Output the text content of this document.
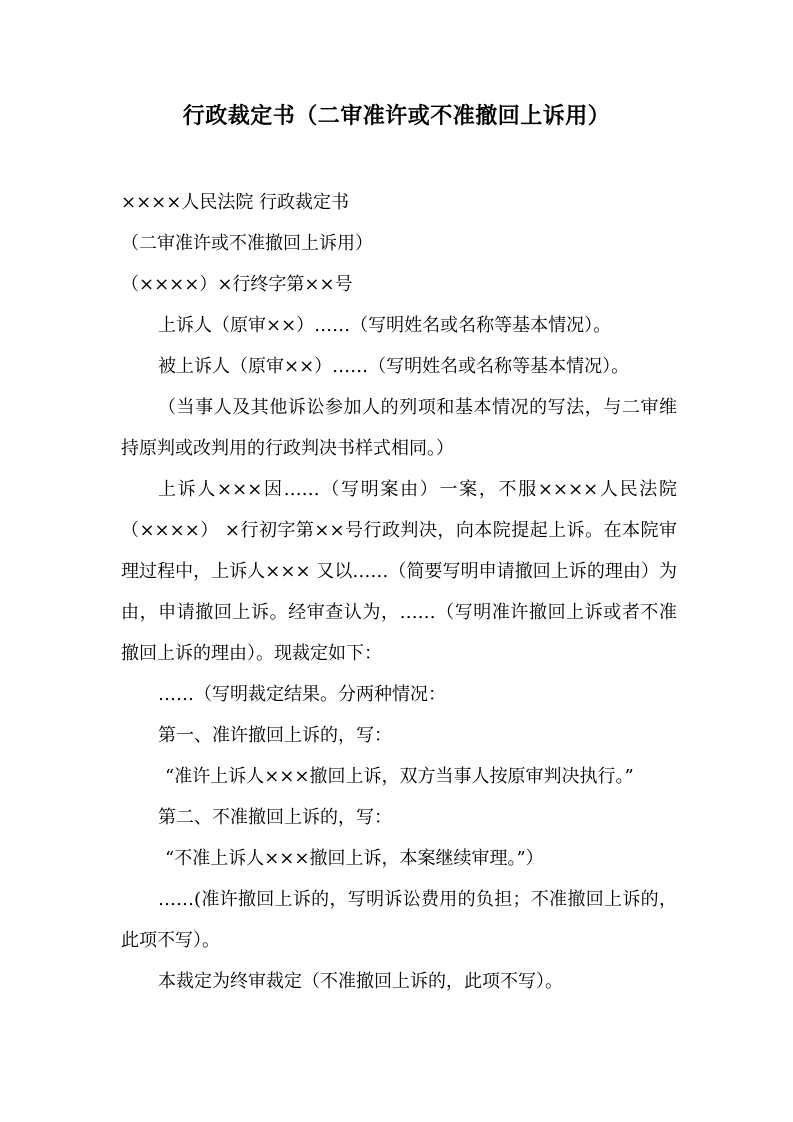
行政裁定书（二审准许或不准撤回上诉用）

××××人民法院 行政裁定书

（二审准许或不准撤回上诉用）

（××××）×行终字第××号

上诉人（原审××）……（写明姓名或名称等基本情况）。

被上诉人（原审××）……（写明姓名或名称等基本情况）。

（当事人及其他诉讼参加人的列项和基本情况的写法，与二审维持原判或改判用的行政判决书样式相同。）

上诉人×××因……（写明案由）一案，不服××××人民法院（××××） ×行初字第××号行政判决，向本院提起上诉。在本院审理过程中，上诉人××× 又以……（简要写明申请撤回上诉的理由）为由，申请撤回上诉。经审查认为，……（写明准许撤回上诉或者不准撤回上诉的理由）。现裁定如下：

……（写明裁定结果。分两种情况：

第一、准许撤回上诉的，写：

“准许上诉人×××撤回上诉，双方当事人按原审判决执行。”

第二、不准撤回上诉的，写：

“不准上诉人×××撤回上诉，本案继续审理。”）

……(准许撤回上诉的，写明诉讼费用的负担；不准撤回上诉的，此项不写）。

本裁定为终审裁定（不准撤回上诉的，此项不写）。
